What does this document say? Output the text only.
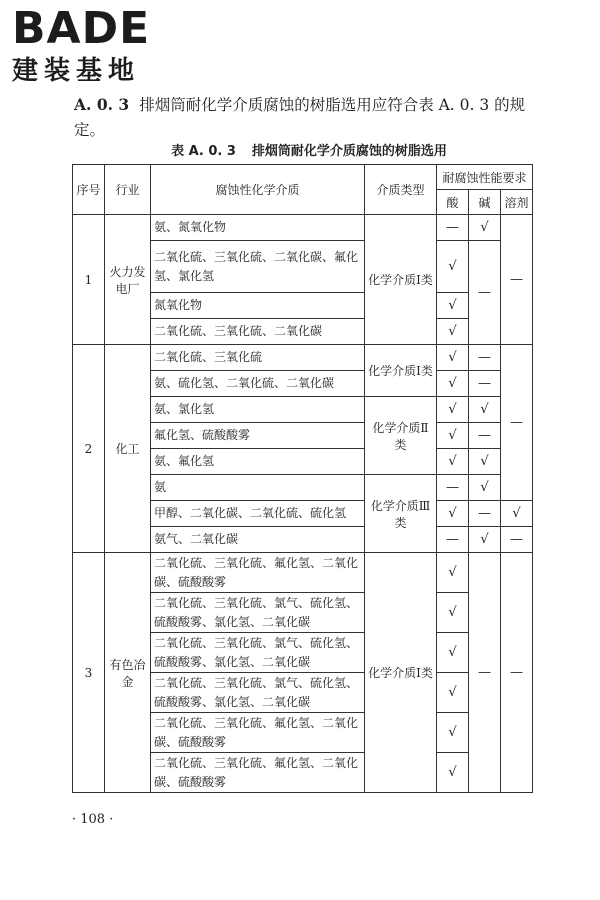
BADE
建装基地
A. 0. 3 排烟筒耐化学介质腐蚀的树脂选用应符合表 A. 0. 3 的规定。
表 A. 0. 3 排烟筒耐化学介质腐蚀的树脂选用
序号	行业	腐蚀性化学介质	介质类型	耐腐蚀性能要求		
				酸	碱	溶剂
1	火力发电厂	氨、氮氧化物	化学介质Ⅰ类	—	√	—
		二氧化硫、三氧化硫、二氧化碳、氟化氢、氯化氢		√	—	
		氮氧化物		√		
		二氧化硫、三氧化硫、二氧化碳		√		
2	化工	二氧化硫、三氧化硫	化学介质Ⅰ类	√	—	—
		氨、硫化氢、二氧化硫、二氧化碳		√	—	
		氨、氯化氢	化学介质Ⅱ类	√	√	
		氟化氢、硫酸酸雾		√	—	
		氨、氟化氢		√	√	
		氨	化学介质Ⅲ类	—	√	
		甲醇、二氧化碳、二氧化硫、硫化氢		√	—	√
		氨气、二氧化碳		—	√	—
3	有色冶金	二氧化硫、三氧化硫、氟化氢、二氧化碳、硫酸酸雾	化学介质Ⅰ类	√	—	—
		二氧化硫、三氧化硫、氯气、硫化氢、硫酸酸雾、氯化氢、二氧化碳		√		
		二氧化硫、三氧化硫、氯气、硫化氢、硫酸酸雾、氯化氢、二氧化碳		√		
		二氧化硫、三氧化硫、氯气、硫化氢、硫酸酸雾、氯化氢、二氧化碳		√		
		二氧化硫、三氧化硫、氟化氢、二氧化碳、硫酸酸雾		√		
		二氧化硫、三氧化硫、氟化氢、二氧化碳、硫酸酸雾		√		
· 108 ·
